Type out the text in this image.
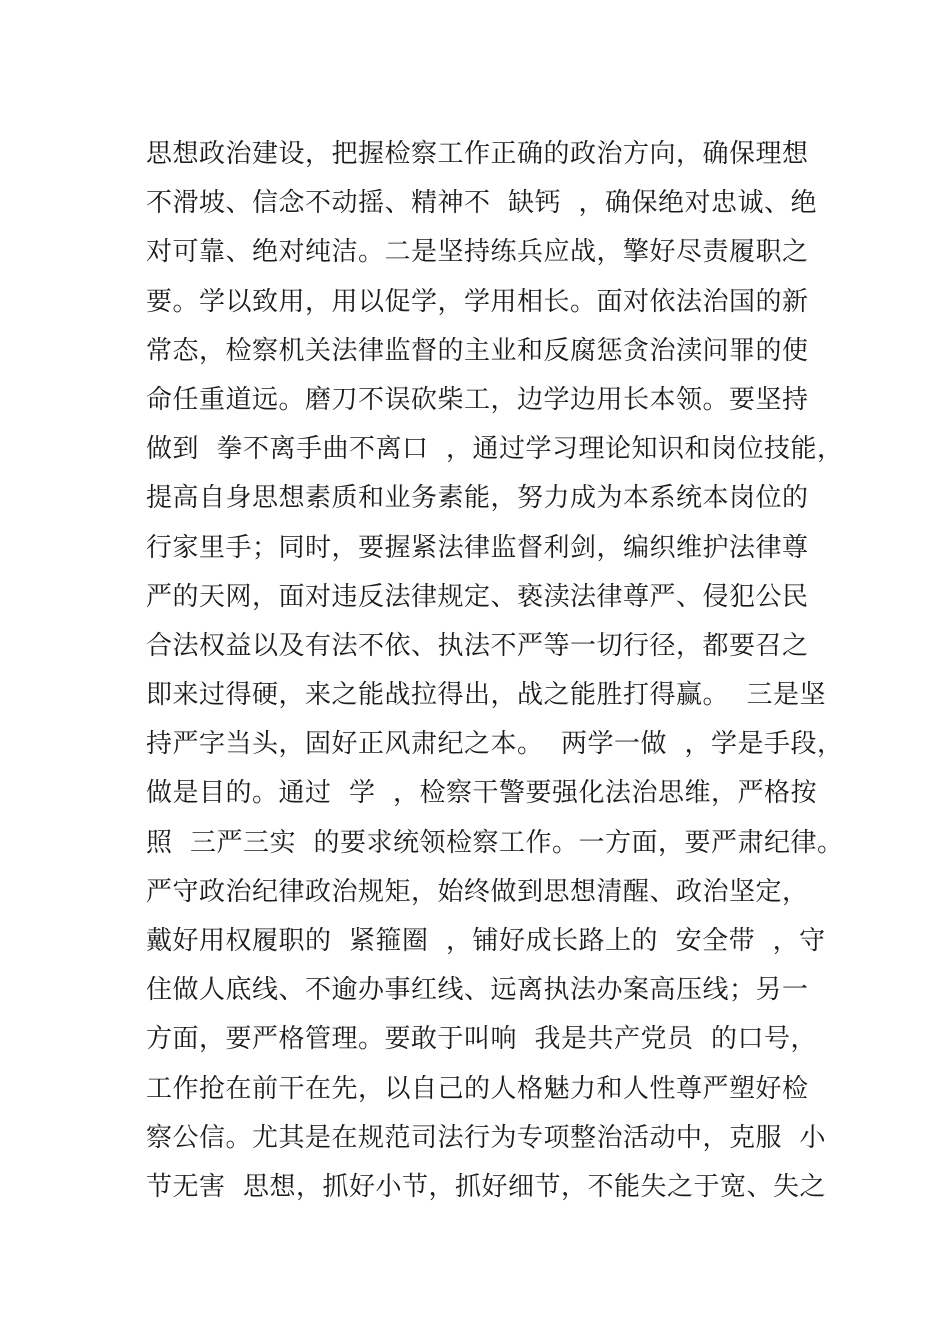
思想政治建设，把握检察工作正确的政治方向，确保理想
不滑坡、信念不动摇、精神不  缺钙  ，确保绝对忠诚、绝
对可靠、绝对纯洁。二是坚持练兵应战，擎好尽责履职之
要。学以致用，用以促学，学用相长。面对依法治国的新
常态，检察机关法律监督的主业和反腐惩贪治渎问罪的使
命任重道远。磨刀不误砍柴工，边学边用长本领。要坚持
做到  拳不离手曲不离口  ，通过学习理论知识和岗位技能，
提高自身思想素质和业务素能，努力成为本系统本岗位的
行家里手；同时，要握紧法律监督利剑，编织维护法律尊
严的天网，面对违反法律规定、亵渎法律尊严、侵犯公民
合法权益以及有法不依、执法不严等一切行径，都要召之
即来过得硬，来之能战拉得出，战之能胜打得赢。  三是坚
持严字当头，固好正风肃纪之本。  两学一做  ，学是手段，
做是目的。通过  学  ，检察干警要强化法治思维，严格按
照  三严三实  的要求统领检察工作。一方面，要严肃纪律。
严守政治纪律政治规矩，始终做到思想清醒、政治坚定，
戴好用权履职的  紧箍圈  ，铺好成长路上的  安全带  ，守
住做人底线、不逾办事红线、远离执法办案高压线；另一
方面，要严格管理。要敢于叫响  我是共产党员  的口号，
工作抢在前干在先，以自己的人格魅力和人性尊严塑好检
察公信。尤其是在规范司法行为专项整治活动中，克服  小
节无害  思想，抓好小节，抓好细节，不能失之于宽、失之
